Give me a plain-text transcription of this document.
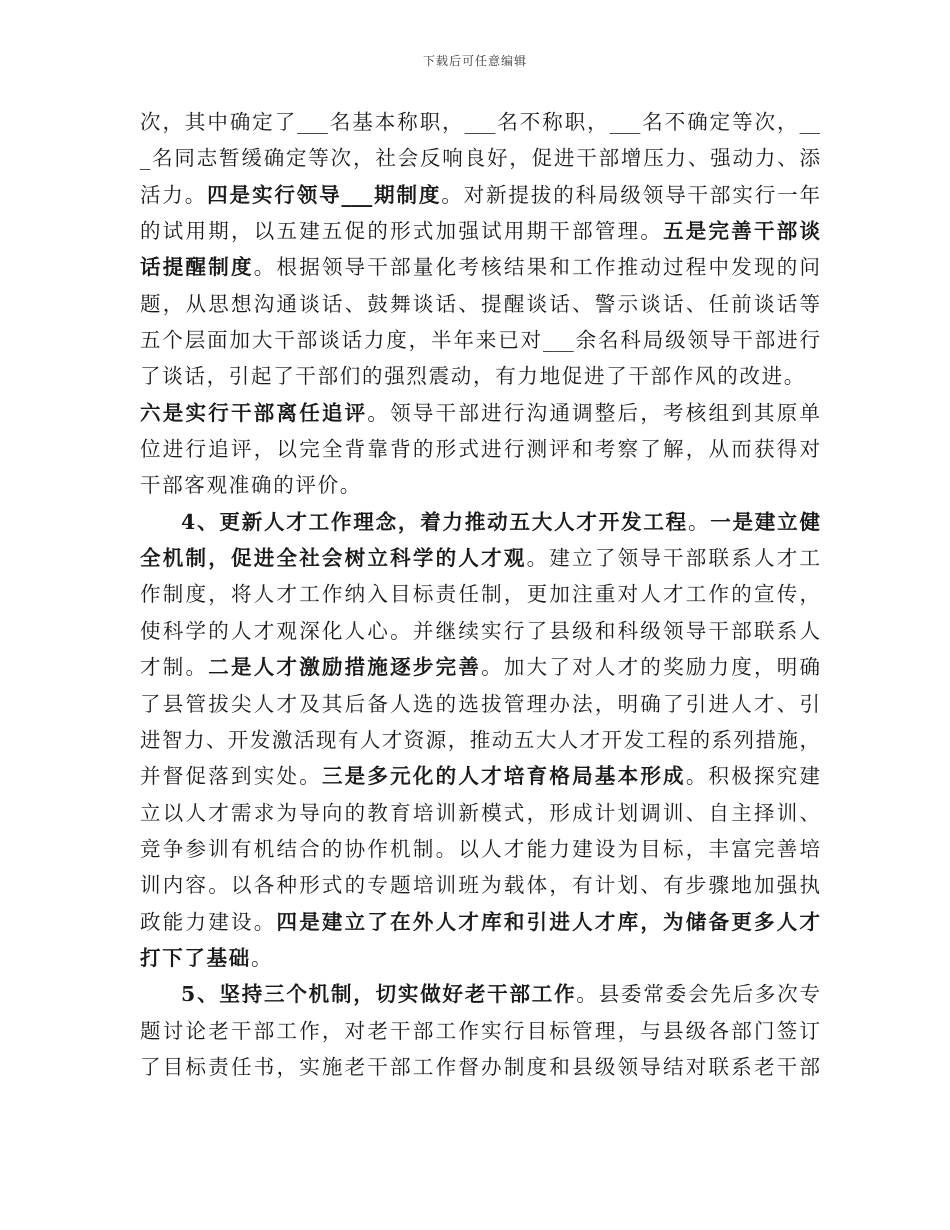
下载后可任意编辑
次，其中确定了___名基本称职，___名不称职，___名不确定等次，__
_名同志暂缓确定等次，社会反响良好，促进干部增压力、强动力、添
活力。四是实行领导___期制度。对新提拔的科局级领导干部实行一年
的试用期，以五建五促的形式加强试用期干部管理。五是完善干部谈
话提醒制度。根据领导干部量化考核结果和工作推动过程中发现的问
题，从思想沟通谈话、鼓舞谈话、提醒谈话、警示谈话、任前谈话等
五个层面加大干部谈话力度，半年来已对___余名科局级领导干部进行
了谈话，引起了干部们的强烈震动，有力地促进了干部作风的改进。
六是实行干部离任追评。领导干部进行沟通调整后，考核组到其原单
位进行追评，以完全背靠背的形式进行测评和考察了解，从而获得对
干部客观准确的评价。
4、更新人才工作理念，着力推动五大人才开发工程。一是建立健
全机制，促进全社会树立科学的人才观。建立了领导干部联系人才工
作制度，将人才工作纳入目标责任制，更加注重对人才工作的宣传，
使科学的人才观深化人心。并继续实行了县级和科级领导干部联系人
才制。二是人才激励措施逐步完善。加大了对人才的奖励力度，明确
了县管拔尖人才及其后备人选的选拔管理办法，明确了引进人才、引
进智力、开发激活现有人才资源，推动五大人才开发工程的系列措施，
并督促落到实处。三是多元化的人才培育格局基本形成。积极探究建
立以人才需求为导向的教育培训新模式，形成计划调训、自主择训、
竞争参训有机结合的协作机制。以人才能力建设为目标，丰富完善培
训内容。以各种形式的专题培训班为载体，有计划、有步骤地加强执
政能力建设。四是建立了在外人才库和引进人才库，为储备更多人才
打下了基础。
5、坚持三个机制，切实做好老干部工作。县委常委会先后多次专
题讨论老干部工作，对老干部工作实行目标管理，与县级各部门签订
了目标责任书，实施老干部工作督办制度和县级领导结对联系老干部
